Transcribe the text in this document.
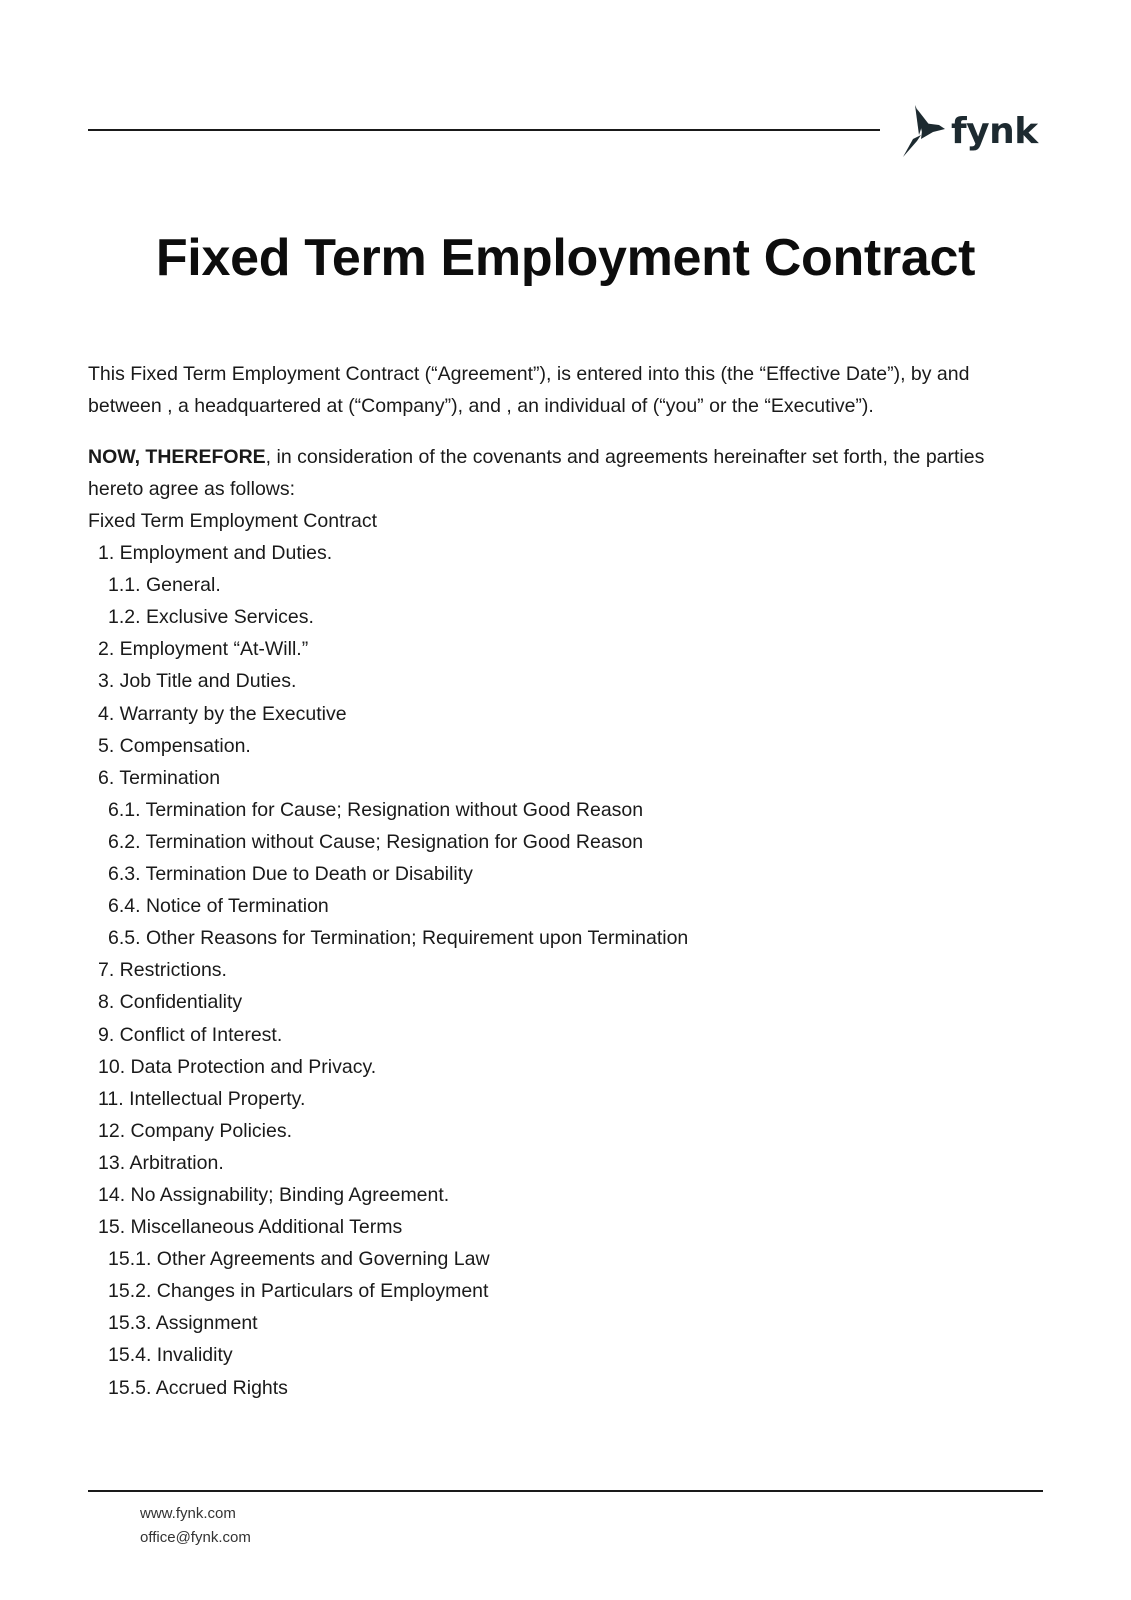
fynk
Fixed Term Employment Contract

This Fixed Term Employment Contract (“Agreement”), is entered into this (the “Effective Date”), by and between , a headquartered at (“Company”), and , an individual of (“you” or the “Executive”).

NOW, THEREFORE, in consideration of the covenants and agreements hereinafter set forth, the parties hereto agree as follows:

Fixed Term Employment Contract
1. Employment and Duties.
1.1. General.
1.2. Exclusive Services.
2. Employment “At-Will.”
3. Job Title and Duties.
4. Warranty by the Executive
5. Compensation.
6. Termination
6.1. Termination for Cause; Resignation without Good Reason
6.2. Termination without Cause; Resignation for Good Reason
6.3. Termination Due to Death or Disability
6.4. Notice of Termination
6.5. Other Reasons for Termination; Requirement upon Termination
7. Restrictions.
8. Confidentiality
9. Conflict of Interest.
10. Data Protection and Privacy.
11. Intellectual Property.
12. Company Policies.
13. Arbitration.
14. No Assignability; Binding Agreement.
15. Miscellaneous Additional Terms
15.1. Other Agreements and Governing Law
15.2. Changes in Particulars of Employment
15.3. Assignment
15.4. Invalidity
15.5. Accrued Rights
www.fynk.com
office@fynk.com
